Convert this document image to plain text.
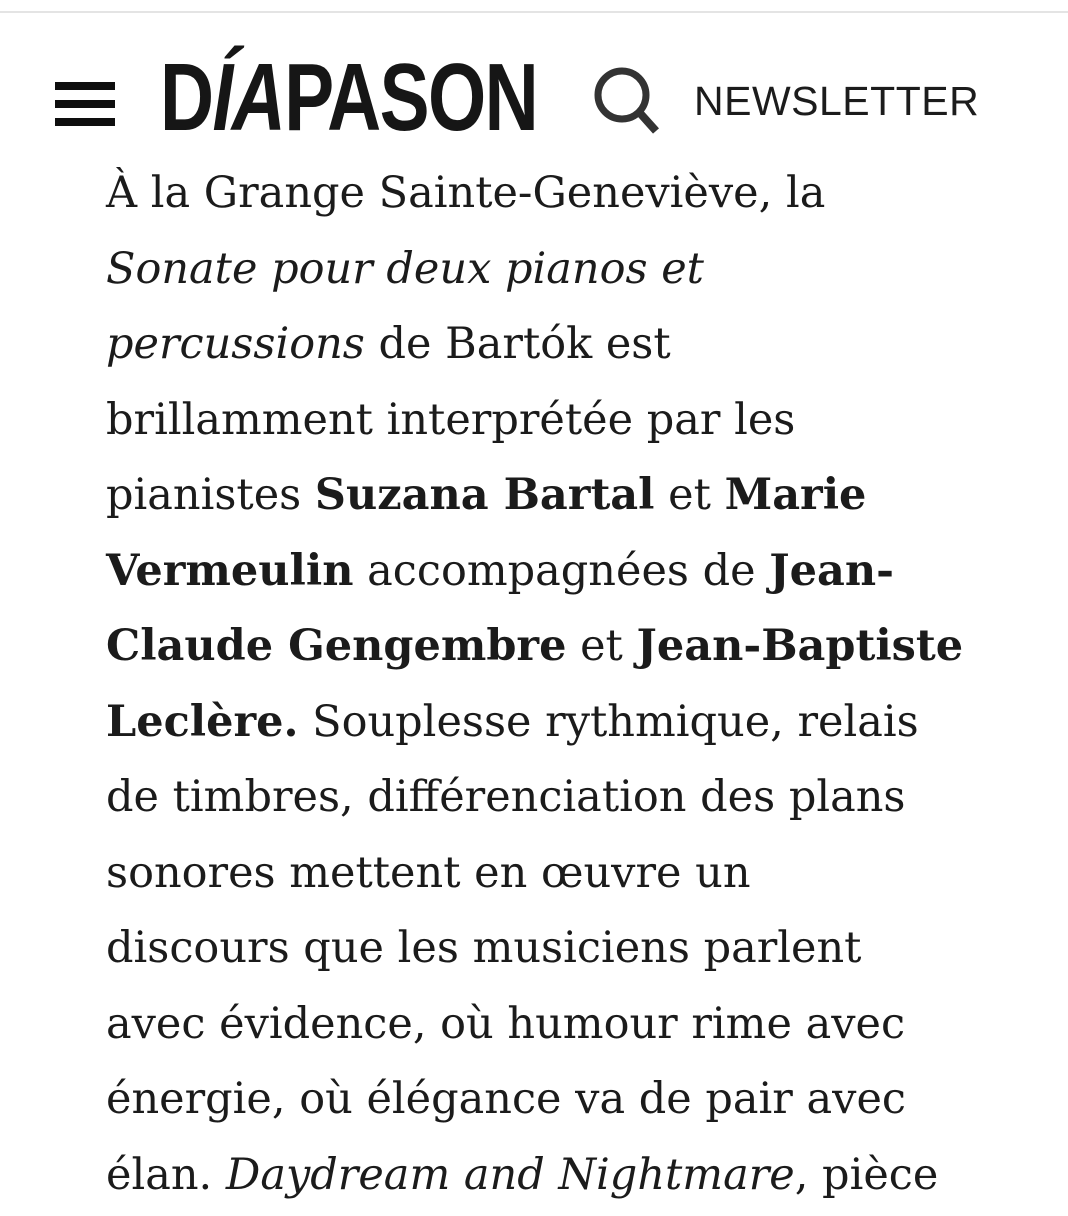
D ÍA PASON	NEWSLETTER
À la Grange Sainte-Geneviève, la
Sonate pour deux pianos et
percussions de Bartók est
brillamment interprétée par les
pianistes Suzana Bartal et Marie
Vermeulin accompagnées de Jean-
Claude Gengembre et Jean-Baptiste
Leclère. Souplesse rythmique, relais
de timbres, différenciation des plans
sonores mettent en œuvre un
discours que les musiciens parlent
avec évidence, où humour rime avec
énergie, où élégance va de pair avec
élan. Daydream and Nightmare, pièce
